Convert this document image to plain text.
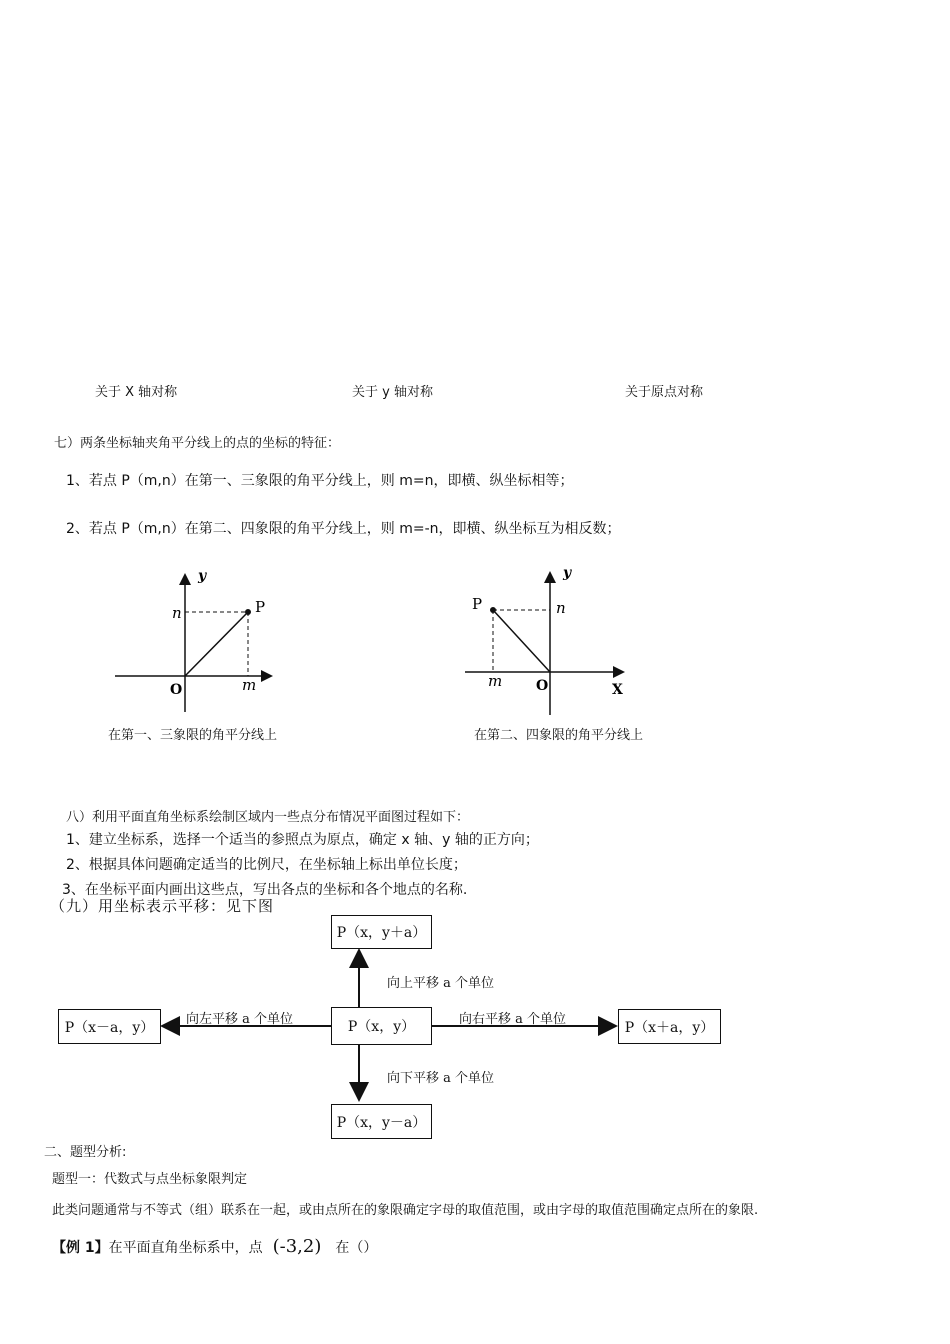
关于 X 轴对称	关于 y 轴对称	关于原点对称
七）两条坐标轴夹角平分线上的点的坐标的特征：
1、若点 P（m,n）在第一、三象限的角平分线上，则 m=n，即横、纵坐标相等；
2、若点 P（m,n）在第二、四象限的角平分线上，则 m=-n，即横、纵坐标互为相反数；
y
n	P
O	m
在第一、三象限的角平分线上
y
n
P
O
m	X
在第二、四象限的角平分线上
八）利用平面直角坐标系绘制区域内一些点分布情况平面图过程如下：
1、建立坐标系，选择一个适当的参照点为原点，确定 x 轴、y 轴的正方向；
2、根据具体问题确定适当的比例尺，在坐标轴上标出单位长度；
3、在坐标平面内画出这些点，写出各点的坐标和各个地点的名称.
（九）用坐标表示平移：见下图
P（x，y＋a）
P（x，y）
P（x，y－a）
P（x－a，y）	P（x＋a，y）
向上平移 a 个单位
向下平移 a 个单位
向左平移 a 个单位	向右平移 a 个单位
二、题型分析:
题型一：代数式与点坐标象限判定
此类问题通常与不等式（组）联系在一起，或由点所在的象限确定字母的取值范围，或由字母的取值范围确定点所在的象限.
【例 1】 在平面直角坐标系中，点 (-3,2) 在（）
